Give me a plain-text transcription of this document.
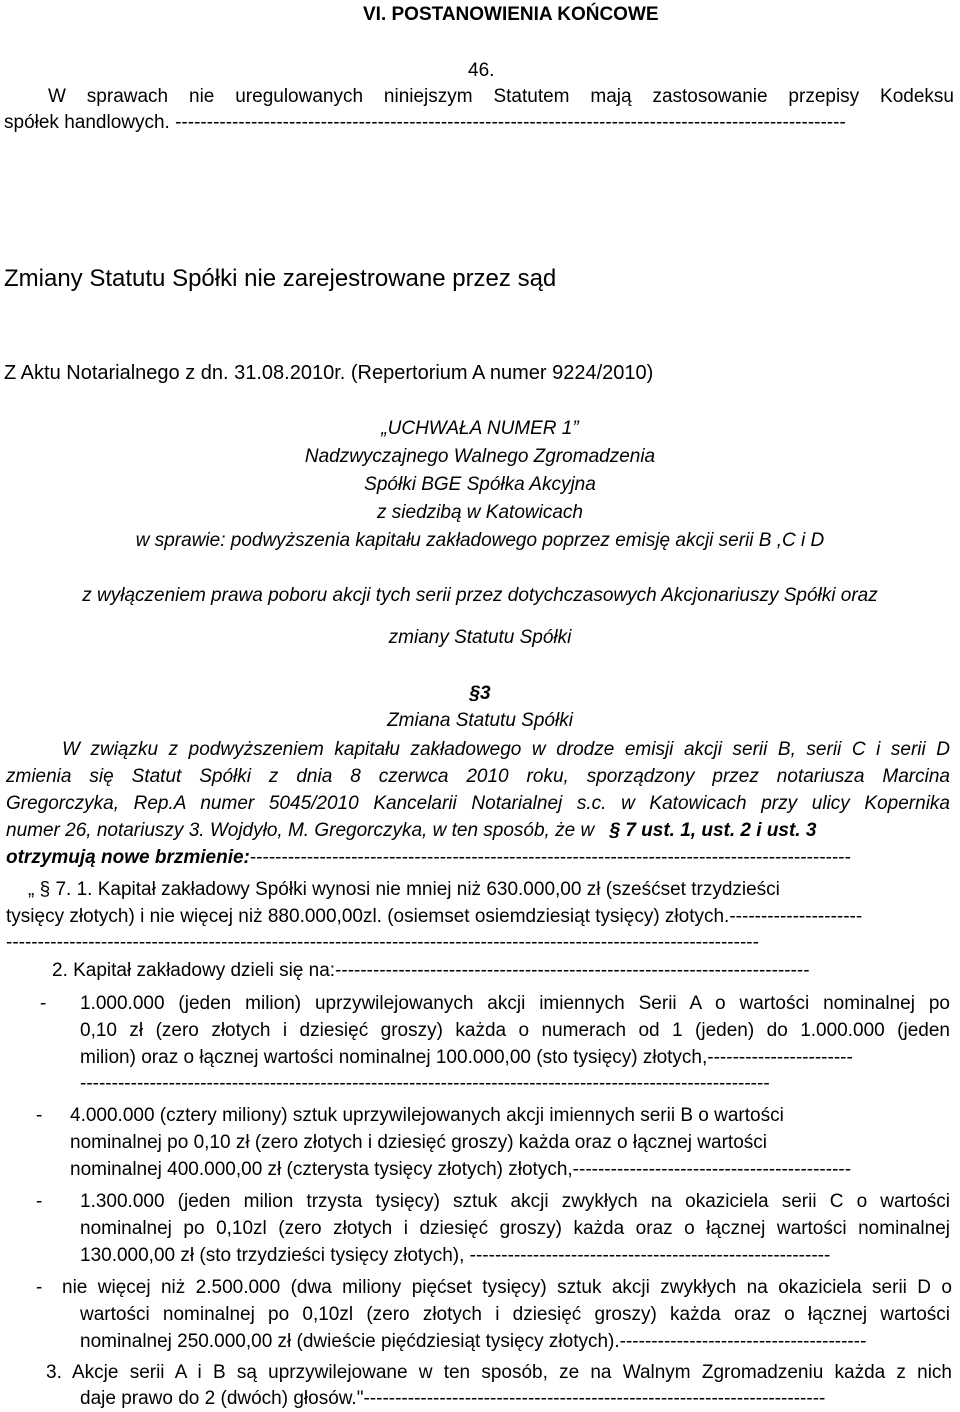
VI. POSTANOWIENIA KOŃCOWE
46.
W sprawach nie uregulowanych niniejszym Statutem mają zastosowanie przepisy Kodeksu
spółek handlowych. ----------------------------------------------------------------------------------------------------------
Zmiany Statutu Spółki nie zarejestrowane przez sąd
Z Aktu Notarialnego z dn. 31.08.2010r. (Repertorium A numer 9224/2010)
„UCHWAŁA NUMER 1”
Nadzwyczajnego Walnego Zgromadzenia
Spółki BGE Spółka Akcyjna
z siedzibą w Katowicach
w sprawie: podwyższenia kapitału zakładowego poprzez emisję akcji serii B ,C i D
z wyłączeniem prawa poboru akcji tych serii przez dotychczasowych Akcjonariuszy Spółki oraz
zmiany Statutu Spółki
§3
Zmiana Statutu Spółki
W związku z podwyższeniem kapitału zakładowego w drodze emisji akcji serii B, serii C i serii D
zmienia się Statut Spółki z dnia 8 czerwca 2010 roku, sporządzony przez notariusza Marcina
Gregorczyka, Rep.A numer 5045/2010 Kancelarii Notarialnej s.c. w Katowicach przy ulicy Kopernika
numer 26, notariuszy 3. Wojdyło, M. Gregorczyka, w ten sposób, że w § 7 ust. 1, ust. 2 i ust. 3
otrzymują nowe brzmienie:-----------------------------------------------------------------------------------------------
„ § 7. 1. Kapitał zakładowy Spółki wynosi nie mniej niż 630.000,00 zł (sześćset trzydzieści
tysięcy złotych) i nie więcej niż 880.000,00zl. (osiemset osiemdziesiąt tysięcy) złotych.---------------------
-----------------------------------------------------------------------------------------------------------------------
2. Kapitał zakładowy dzieli się na:---------------------------------------------------------------------------
- 1.000.000 (jeden milion) uprzywilejowanych akcji imiennych Serii A o wartości nominalnej po
0,10 zł (zero złotych i dziesięć groszy) każda o numerach od 1 (jeden) do 1.000.000 (jeden
milion) oraz o łącznej wartości nominalnej 100.000,00 (sto tysięcy) złotych,-----------------------
-------------------------------------------------------------------------------------------------------------
- 4.000.000 (cztery miliony) sztuk uprzywilejowanych akcji imiennych serii B o wartości
nominalnej po 0,10 zł (zero złotych i dziesięć groszy) każda oraz o łącznej wartości
nominalnej 400.000,00 zł (czterysta tysięcy złotych) złotych,--------------------------------------------
- 1.300.000 (jeden milion trzysta tysięcy) sztuk akcji zwykłych na okaziciela serii C o wartości
nominalnej po 0,10zl (zero złotych i dziesięć groszy) każda oraz o łącznej wartości nominalnej
130.000,00 zł (sto trzydzieści tysięcy złotych), ---------------------------------------------------------
- nie więcej niż 2.500.000 (dwa miliony pięćset tysięcy) sztuk akcji zwykłych na okaziciela serii D o
wartości nominalnej po 0,10zl (zero złotych i dziesięć groszy) każda oraz o łącznej wartości
nominalnej 250.000,00 zł (dwieście pięćdziesiąt tysięcy złotych).---------------------------------------
3. Akcje serii A i B są uprzywilejowane w ten sposób, ze na Walnym Zgromadzeniu każda z nich
daje prawo do 2 (dwóch) głosów."-------------------------------------------------------------------------
